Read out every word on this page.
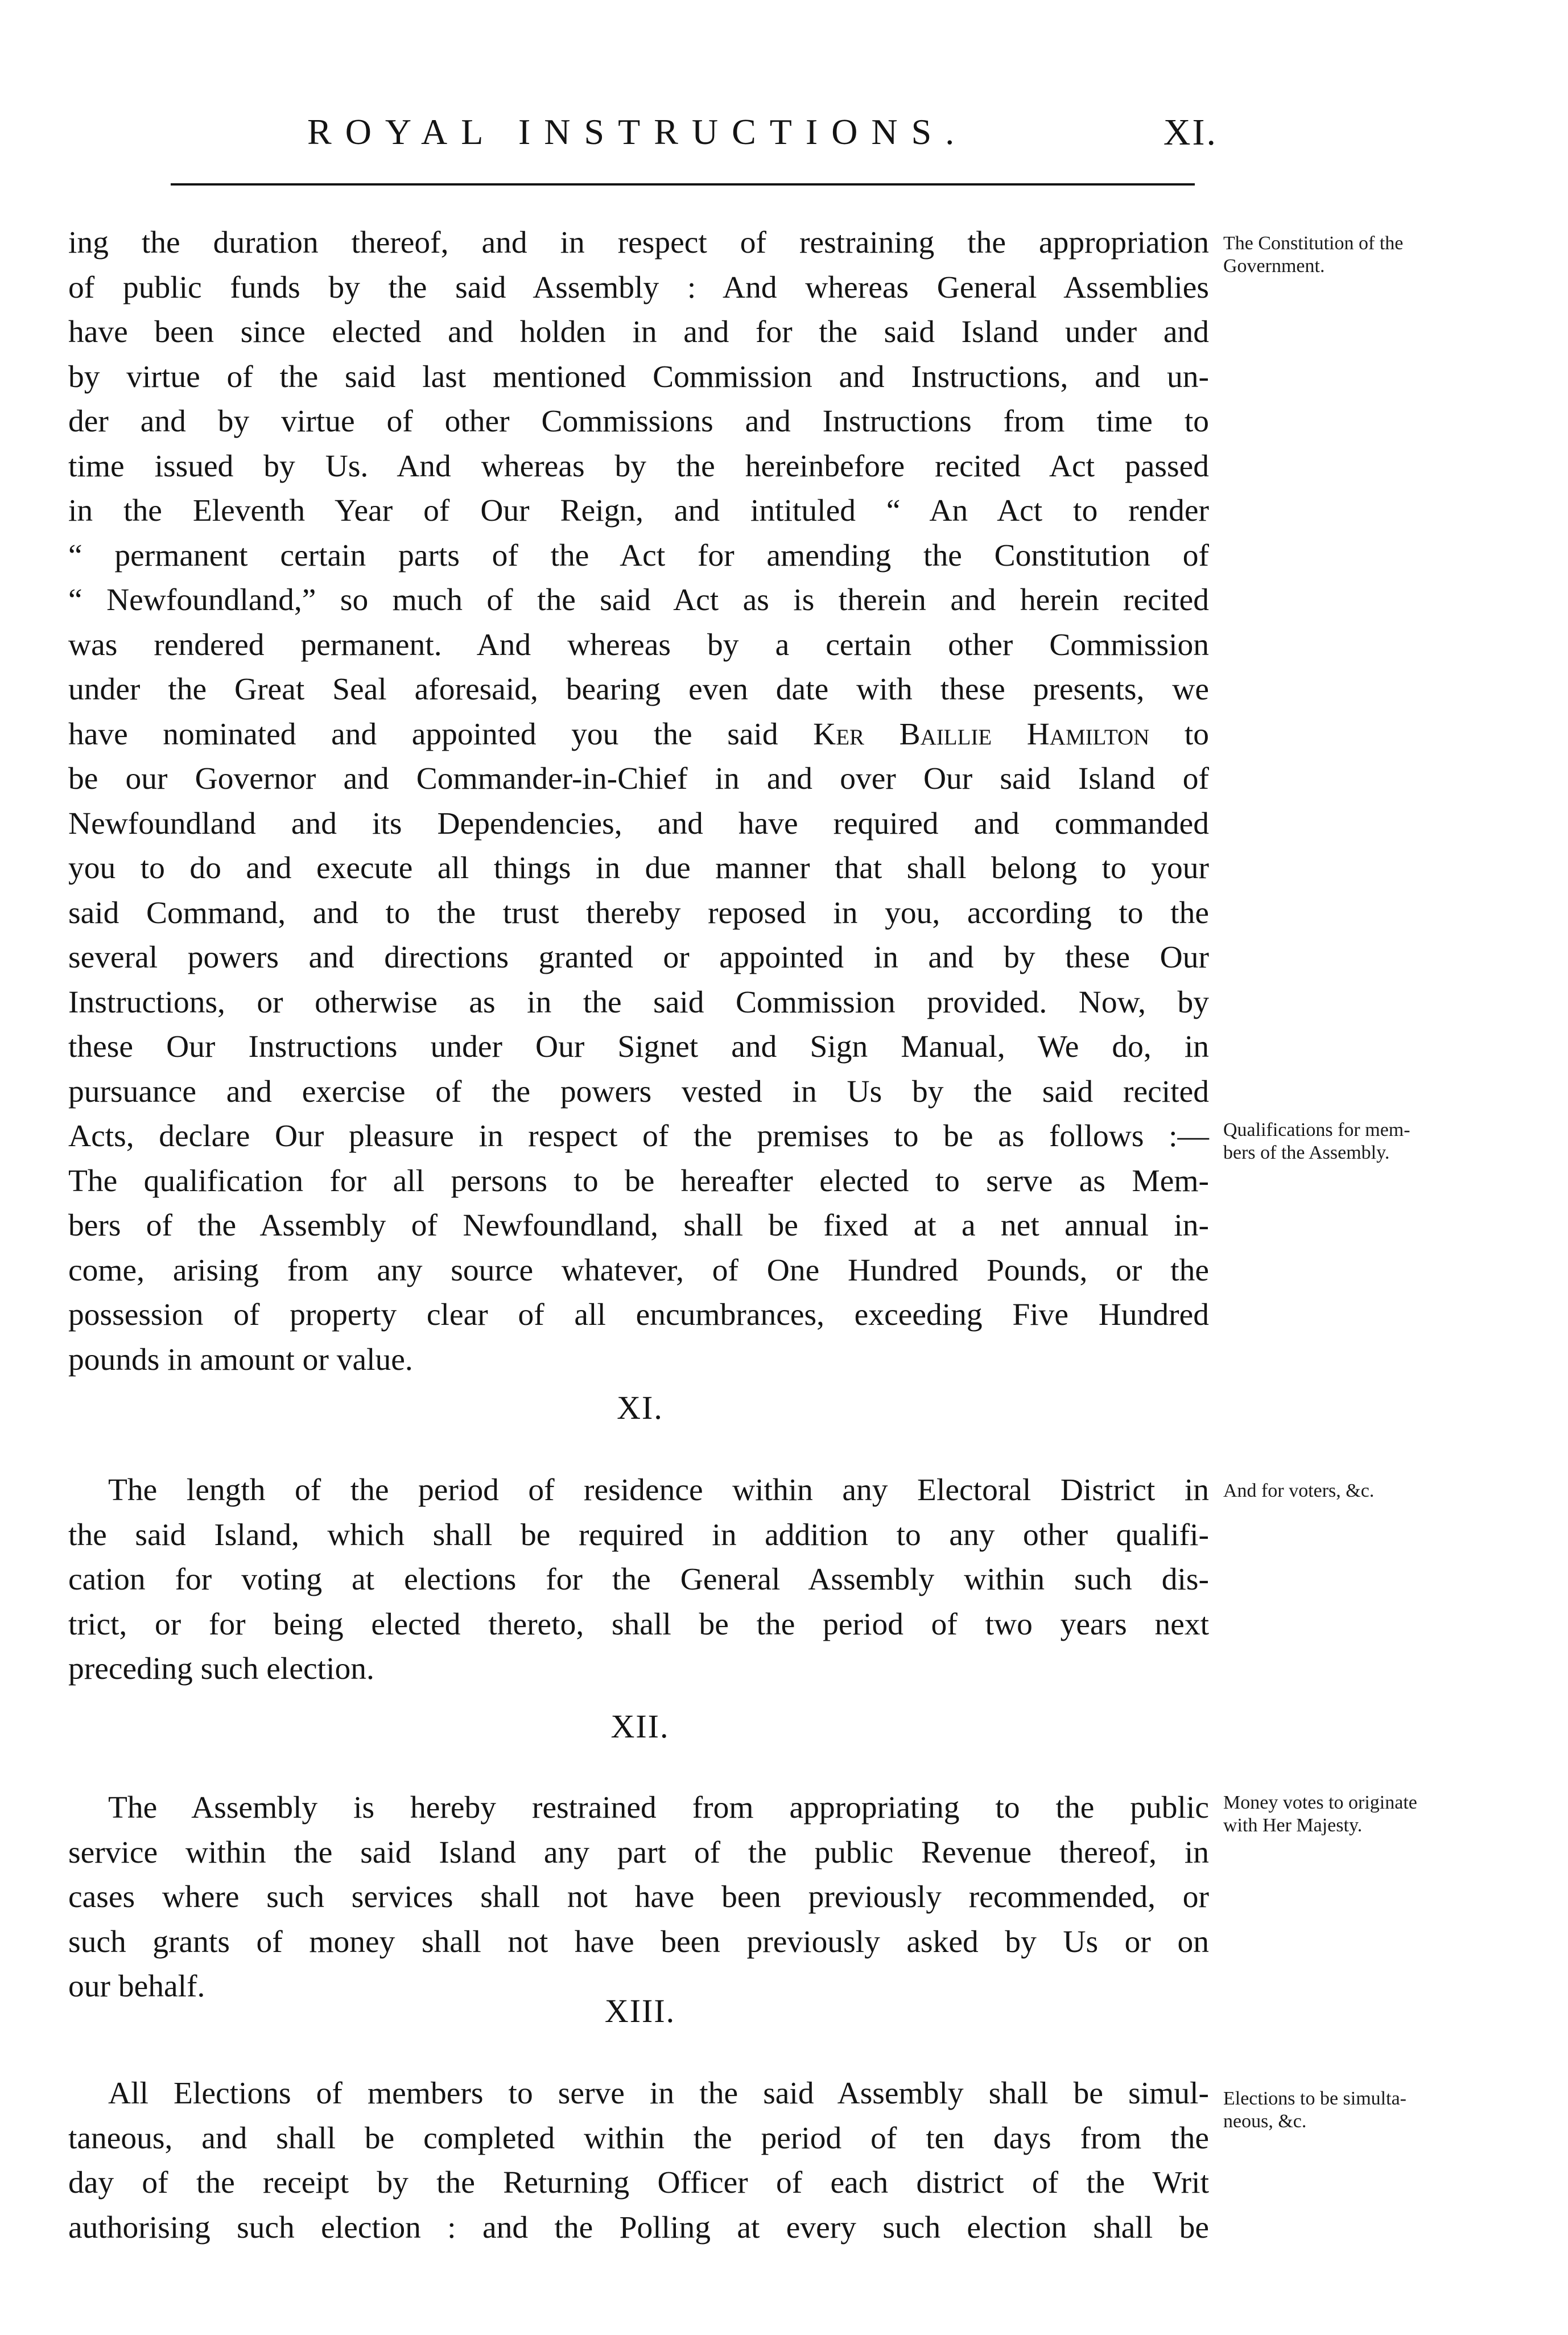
ROYAL INSTRUCTIONS.	XI.
ing the duration thereof, and in respect of restraining the appropriation
of public funds by the said Assembly : And whereas General Assemblies
have been since elected and holden in and for the said Island under and
by virtue of the said last mentioned Commission and Instructions, and un-
der and by virtue of other Commissions and Instructions from time to
time issued by Us. And whereas by the hereinbefore recited Act passed
in the Eleventh Year of Our Reign, and intituled “ An Act to render
“ permanent certain parts of the Act for amending the Constitution of
“ Newfoundland,” so much of the said Act as is therein and herein recited
was rendered permanent. And whereas by a certain other Commission
under the Great Seal aforesaid, bearing even date with these presents, we
have nominated and appointed you the said Ker Baillie Hamilton to
be our Governor and Commander-in-Chief in and over Our said Island of
Newfoundland and its Dependencies, and have required and commanded
you to do and execute all things in due manner that shall belong to your
said Command, and to the trust thereby reposed in you, according to the
several powers and directions granted or appointed in and by these Our
Instructions, or otherwise as in the said Commission provided. Now, by
these Our Instructions under Our Signet and Sign Manual, We do, in
pursuance and exercise of the powers vested in Us by the said recited
Acts, declare Our pleasure in respect of the premises to be as follows :—
The qualification for all persons to be hereafter elected to serve as Mem-
bers of the Assembly of Newfoundland, shall be fixed at a net annual in-
come, arising from any source whatever, of One Hundred Pounds, or the
possession of property clear of all encumbrances, exceeding Five Hundred
pounds in amount or value.
XI.
The length of the period of residence within any Electoral District in
the said Island, which shall be required in addition to any other qualifi-
cation for voting at elections for the General Assembly within such dis-
trict, or for being elected thereto, shall be the period of two years next
preceding such election.
XII.
The Assembly is hereby restrained from appropriating to the public
service within the said Island any part of the public Revenue thereof, in
cases where such services shall not have been previously recommended, or
such grants of money shall not have been previously asked by Us or on
our behalf.
XIII.
All Elections of members to serve in the said Assembly shall be simul-
taneous, and shall be completed within the period of ten days from the
day of the receipt by the Returning Officer of each district of the Writ
authorising such election : and the Polling at every such election shall be
The Constitution of the
Government.
Qualifications for mem-
bers of the Assembly.
And for voters, &c.
Money votes to originate
with Her Majesty.
Elections to be simulta-
neous, &c.
